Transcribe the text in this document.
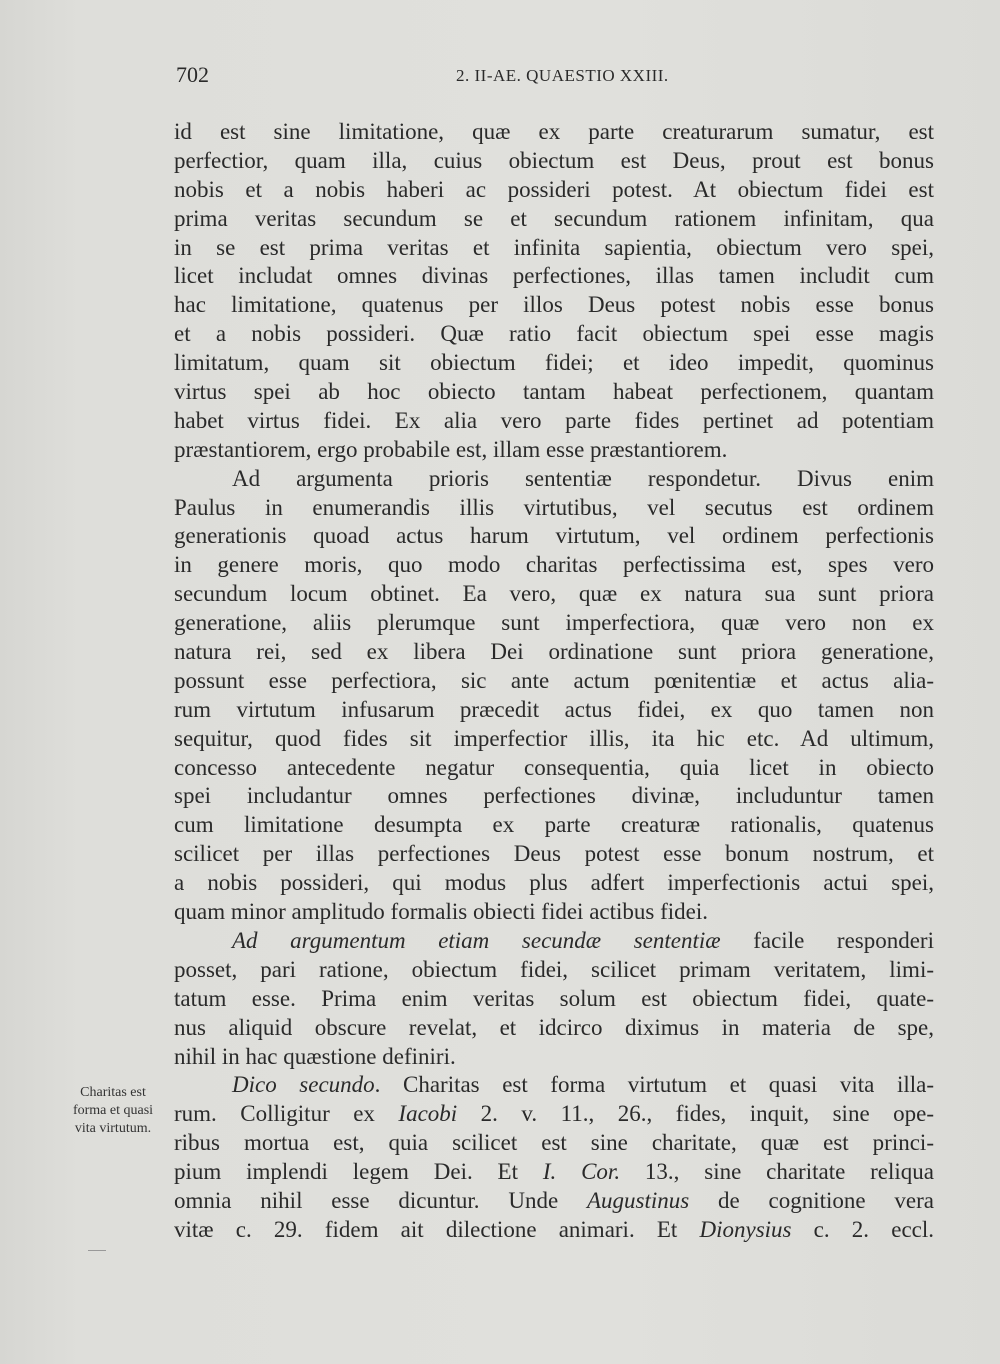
702	2. II-AE. QUAESTIO XXIII.
id est sine limitatione, quæ ex parte creaturarum sumatur, est
perfectior, quam illa, cuius obiectum est Deus, prout est bonus
nobis et a nobis haberi ac possideri potest. At obiectum fidei est
prima veritas secundum se et secundum rationem infinitam, qua
in se est prima veritas et infinita sapientia, obiectum vero spei,
licet includat omnes divinas perfectiones, illas tamen includit cum
hac limitatione, quatenus per illos Deus potest nobis esse bonus
et a nobis possideri. Quæ ratio facit obiectum spei esse magis
limitatum, quam sit obiectum fidei; et ideo impedit, quominus
virtus spei ab hoc obiecto tantam habeat perfectionem, quantam
habet virtus fidei. Ex alia vero parte fides pertinet ad potentiam
præstantiorem, ergo probabile est, illam esse præstantiorem.
Ad argumenta prioris sententiæ respondetur. Divus enim
Paulus in enumerandis illis virtutibus, vel secutus est ordinem
generationis quoad actus harum virtutum, vel ordinem perfectionis
in genere moris, quo modo charitas perfectissima est, spes vero
secundum locum obtinet. Ea vero, quæ ex natura sua sunt priora
generatione, aliis plerumque sunt imperfectiora, quæ vero non ex
natura rei, sed ex libera Dei ordinatione sunt priora generatione,
possunt esse perfectiora, sic ante actum pœnitentiæ et actus alia-
rum virtutum infusarum præcedit actus fidei, ex quo tamen non
sequitur, quod fides sit imperfectior illis, ita hic etc. Ad ultimum,
concesso antecedente negatur consequentia, quia licet in obiecto
spei includantur omnes perfectiones divinæ, includuntur tamen
cum limitatione desumpta ex parte creaturæ rationalis, quatenus
scilicet per illas perfectiones Deus potest esse bonum nostrum, et
a nobis possideri, qui modus plus adfert imperfectionis actui spei,
quam minor amplitudo formalis obiecti fidei actibus fidei.
Ad argumentum etiam secundæ sententiæ facile responderi
posset, pari ratione, obiectum fidei, scilicet primam veritatem, limi-
tatum esse. Prima enim veritas solum est obiectum fidei, quate-
nus aliquid obscure revelat, et idcirco diximus in materia de spe,
nihil in hac quæstione definiri.
Dico secundo. Charitas est forma virtutum et quasi vita illa-
rum. Colligitur ex Iacobi 2. v. 11., 26., fides, inquit, sine ope-
ribus mortua est, quia scilicet est sine charitate, quæ est princi-
pium implendi legem Dei. Et I. Cor. 13., sine charitate reliqua
omnia nihil esse dicuntur. Unde Augustinus de cognitione vera
vitæ c. 29. fidem ait dilectione animari. Et Dionysius c. 2. eccl.
Charitas est
forma et quasi
vita virtutum.
